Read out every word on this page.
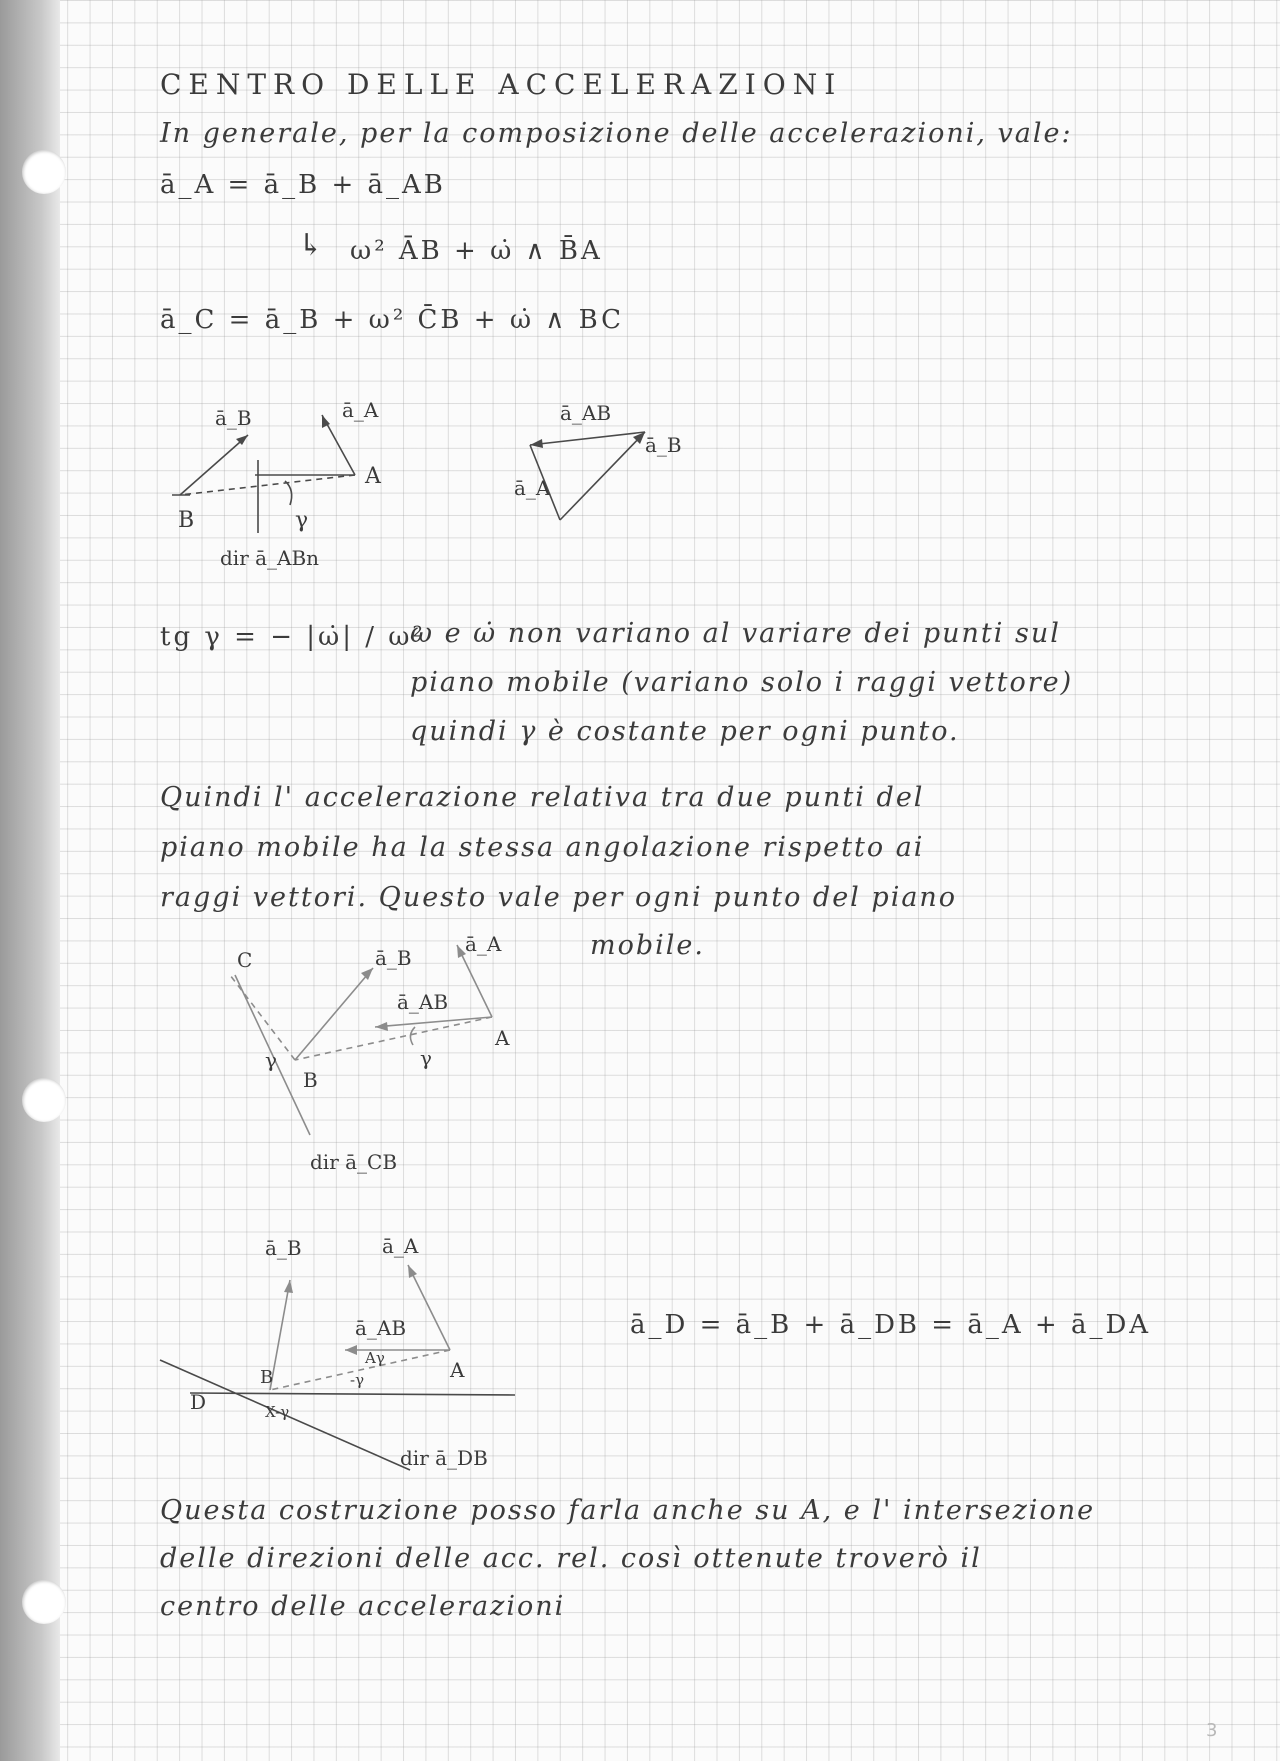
CENTRO DELLE ACCELERAZIONI
In generale, per la composizione delle accelerazioni, vale:
ā_A = ā_B + ā_AB
↳ ω² ĀB + ω̇ ∧ B̄A
ā_C = ā_B + ω² C̄B + ω̇ ∧ BC
ā_B	ā_A
A
B	γ
dir ā_ABn
ā_AB
ā_B
ā_A
tg γ = − |ω̇| / ω²
ω e ω̇ non variano al variare dei punti sul
piano mobile (variano solo i raggi vettore)
quindi γ è costante per ogni punto.
Quindi l' accelerazione relativa tra due punti del
piano mobile ha la stessa angolazione rispetto ai
raggi vettori. Questo vale per ogni punto del piano
mobile.
C	ā_B
ā_A
ā_AB
A
B
γ	γ
dir ā_CB
ā_B	ā_A
ā_AB
A
B
D
Aγ
-γ
X-γ
dir ā_DB
ā_D = ā_B + ā_DB = ā_A + ā_DA
Questa costruzione posso farla anche su A, e l' intersezione
delle direzioni delle acc. rel. così ottenute troverò il
centro delle accelerazioni
3
